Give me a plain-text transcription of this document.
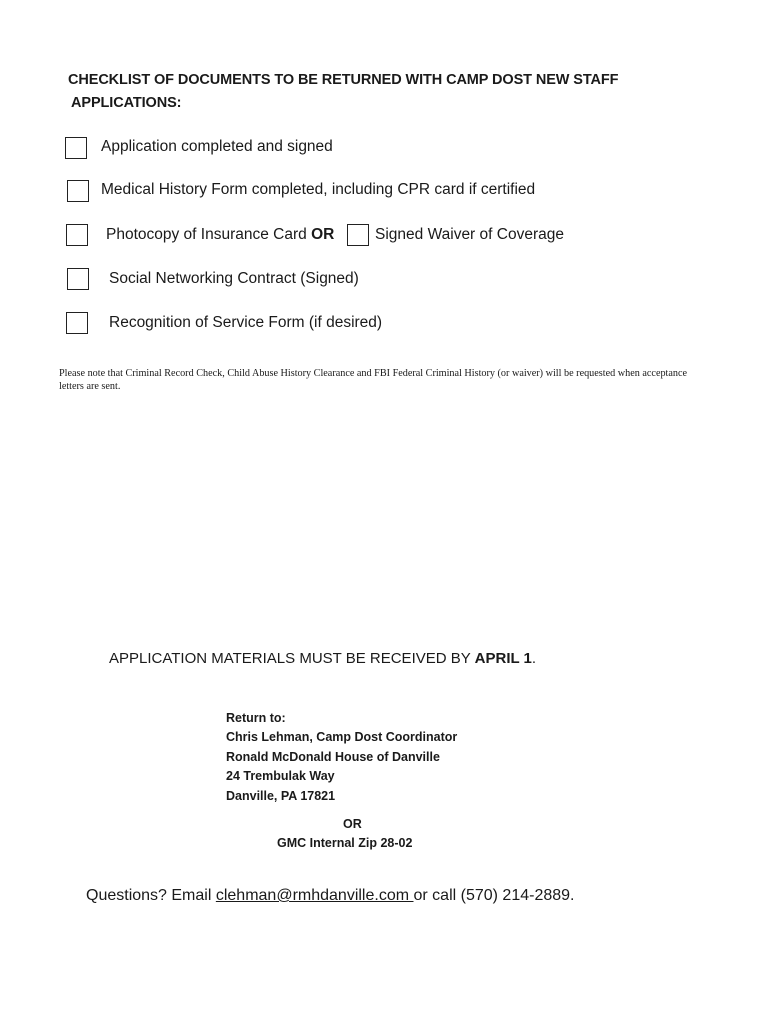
CHECKLIST OF DOCUMENTS TO BE RETURNED WITH CAMP DOST NEW STAFF
APPLICATIONS:
Application completed and signed
Medical History Form completed, including CPR card if certified
Photocopy of Insurance Card OR	Signed Waiver of Coverage
Social Networking Contract (Signed)
Recognition of Service Form (if desired)
Please note that Criminal Record Check, Child Abuse History Clearance and FBI Federal Criminal History (or waiver) will be requested when acceptance letters are sent.
APPLICATION MATERIALS MUST BE RECEIVED BY APRIL 1.
Return to:
Chris Lehman, Camp Dost Coordinator
Ronald McDonald House of Danville
24 Trembulak Way
Danville, PA 17821
OR
GMC Internal Zip 28-02
Questions? Email clehman@rmhdanville.com or call (570) 214-2889.
